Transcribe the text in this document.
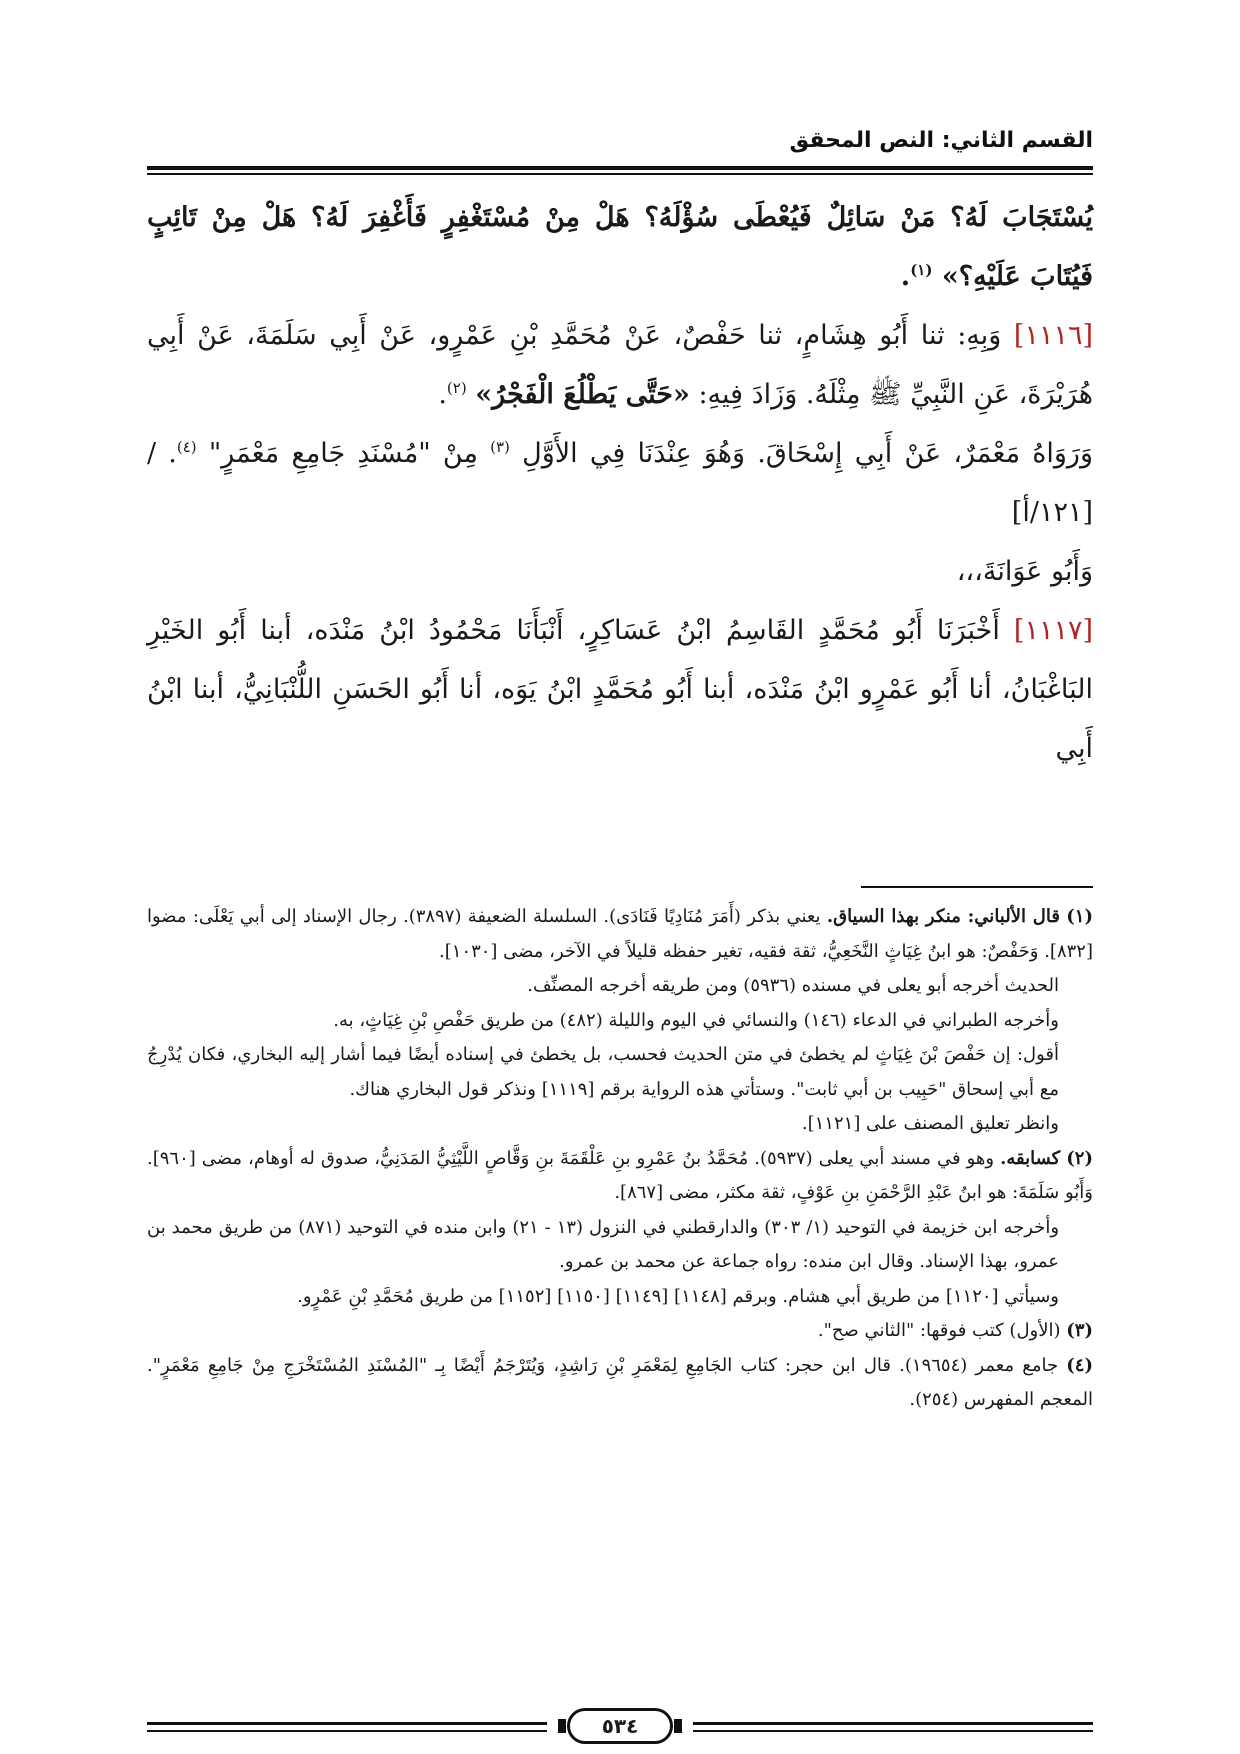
القسم الثاني: النص المحقق

يُسْتَجَابَ لَهُ؟ مَنْ سَائِلٌ فَيُعْطَى سُؤْلَهُ؟ هَلْ مِنْ مُسْتَغْفِرٍ فَأَغْفِرَ لَهُ؟ هَلْ مِنْ تَائِبٍ فَيُتَابَ عَلَيْهِ؟» $^{(١)}$.

[١١١٦] وَبِهِ: ثنا أَبُو هِشَامٍ، ثنا حَفْصٌ، عَنْ مُحَمَّدِ بْنِ عَمْرٍو، عَنْ أَبِي سَلَمَةَ، عَنْ أَبِي هُرَيْرَةَ، عَنِ النَّبِيِّ ﷺ مِثْلَهُ. وَزَادَ فِيهِ: «حَتَّى يَطْلُعَ الْفَجْرُ» $^{(٢)}$.

وَرَوَاهُ مَعْمَرٌ، عَنْ أَبِي إِسْحَاقَ. وَهُوَ عِنْدَنَا فِي الأَوَّلِ $^{(٣)}$ مِنْ "مُسْنَدِ جَامِعِ مَعْمَرٍ" $^{(٤)}$. / [١٢١/أ]

وَأَبُو عَوَانَةَ،،،

[١١١٧] أَخْبَرَنَا أَبُو مُحَمَّدٍ القَاسِمُ ابْنُ عَسَاكِرٍ، أَنْبَأَنَا مَحْمُودُ ابْنُ مَنْدَه، أبنا أَبُو الخَيْرِ البَاغْبَانُ، أنا أَبُو عَمْرٍو ابْنُ مَنْدَه، أبنا أَبُو مُحَمَّدٍ ابْنُ يَوَه، أنا أَبُو الحَسَنِ اللُّنْبَانِيُّ، أبنا ابْنُ أَبِي

(١) قال الألباني: منكر بهذا السياق. يعني بذكر (أَمَرَ مُنَادِيًا فَنَادَى). السلسلة الضعيفة (٣٨٩٧). رجال الإسناد إلى أبي يَعْلَى: مضوا [٨٣٢]. وَحَفْصٌ: هو ابنُ غِيَاثٍ النَّخَعِيُّ، ثقة فقيه، تغير حفظه قليلاً في الآخر، مضى [١٠٣٠].

الحديث أخرجه أبو يعلى في مسنده (٥٩٣٦) ومن طريقه أخرجه المصنِّف.

وأخرجه الطبراني في الدعاء (١٤٦) والنسائي في اليوم والليلة (٤٨٢) من طريق حَفْصِ بْنِ غِيَاثٍ، به.

أقول: إن حَفْصَ بْنَ غِيَاثٍ لم يخطئ في متن الحديث فحسب، بل يخطئ في إسناده أيضًا فيما أشار إليه البخاري، فكان يُدْرِجُ مع أبي إسحاق "حَبِيب بن أبي ثابت". وستأتي هذه الرواية برقم [١١١٩] ونذكر قول البخاري هناك.

وانظر تعليق المصنف على [١١٢١].

(٢) كسابقه. وهو في مسند أبي يعلى (٥٩٣٧). مُحَمَّدُ بنُ عَمْرِو بنِ عَلْقَمَةَ بنِ وَقَّاصٍ اللَّيْثِيُّ المَدَنِيُّ، صدوق له أوهام، مضى [٩٦٠]. وَأَبُو سَلَمَةَ: هو ابنُ عَبْدِ الرَّحْمَنِ بنِ عَوْفٍ، ثقة مكثر، مضى [٨٦٧].

وأخرجه ابن خزيمة في التوحيد (١/ ٣٠٣) والدارقطني في النزول (١٣ - ٢١) وابن منده في التوحيد (٨٧١) من طريق محمد بن عمرو، بهذا الإسناد. وقال ابن منده: رواه جماعة عن محمد بن عمرو.

وسيأتي [١١٢٠] من طريق أبي هشام. وبرقم [١١٤٨] [١١٤٩] [١١٥٠] [١١٥٢] من طريق مُحَمَّدِ بْنِ عَمْرٍو.

(٣) (الأول) كتب فوقها: "الثاني صح".

(٤) جامع معمر (١٩٦٥٤). قال ابن حجر: كتاب الجَامِعِ لِمَعْمَرِ بْنِ رَاشِدٍ، وَيُتَرْجَمُ أَيْضًا بِـ "المُسْنَدِ المُسْتَخْرَجِ مِنْ جَامِعِ مَعْمَرٍ". المعجم المفهرس (٢٥٤).

٥٣٤
